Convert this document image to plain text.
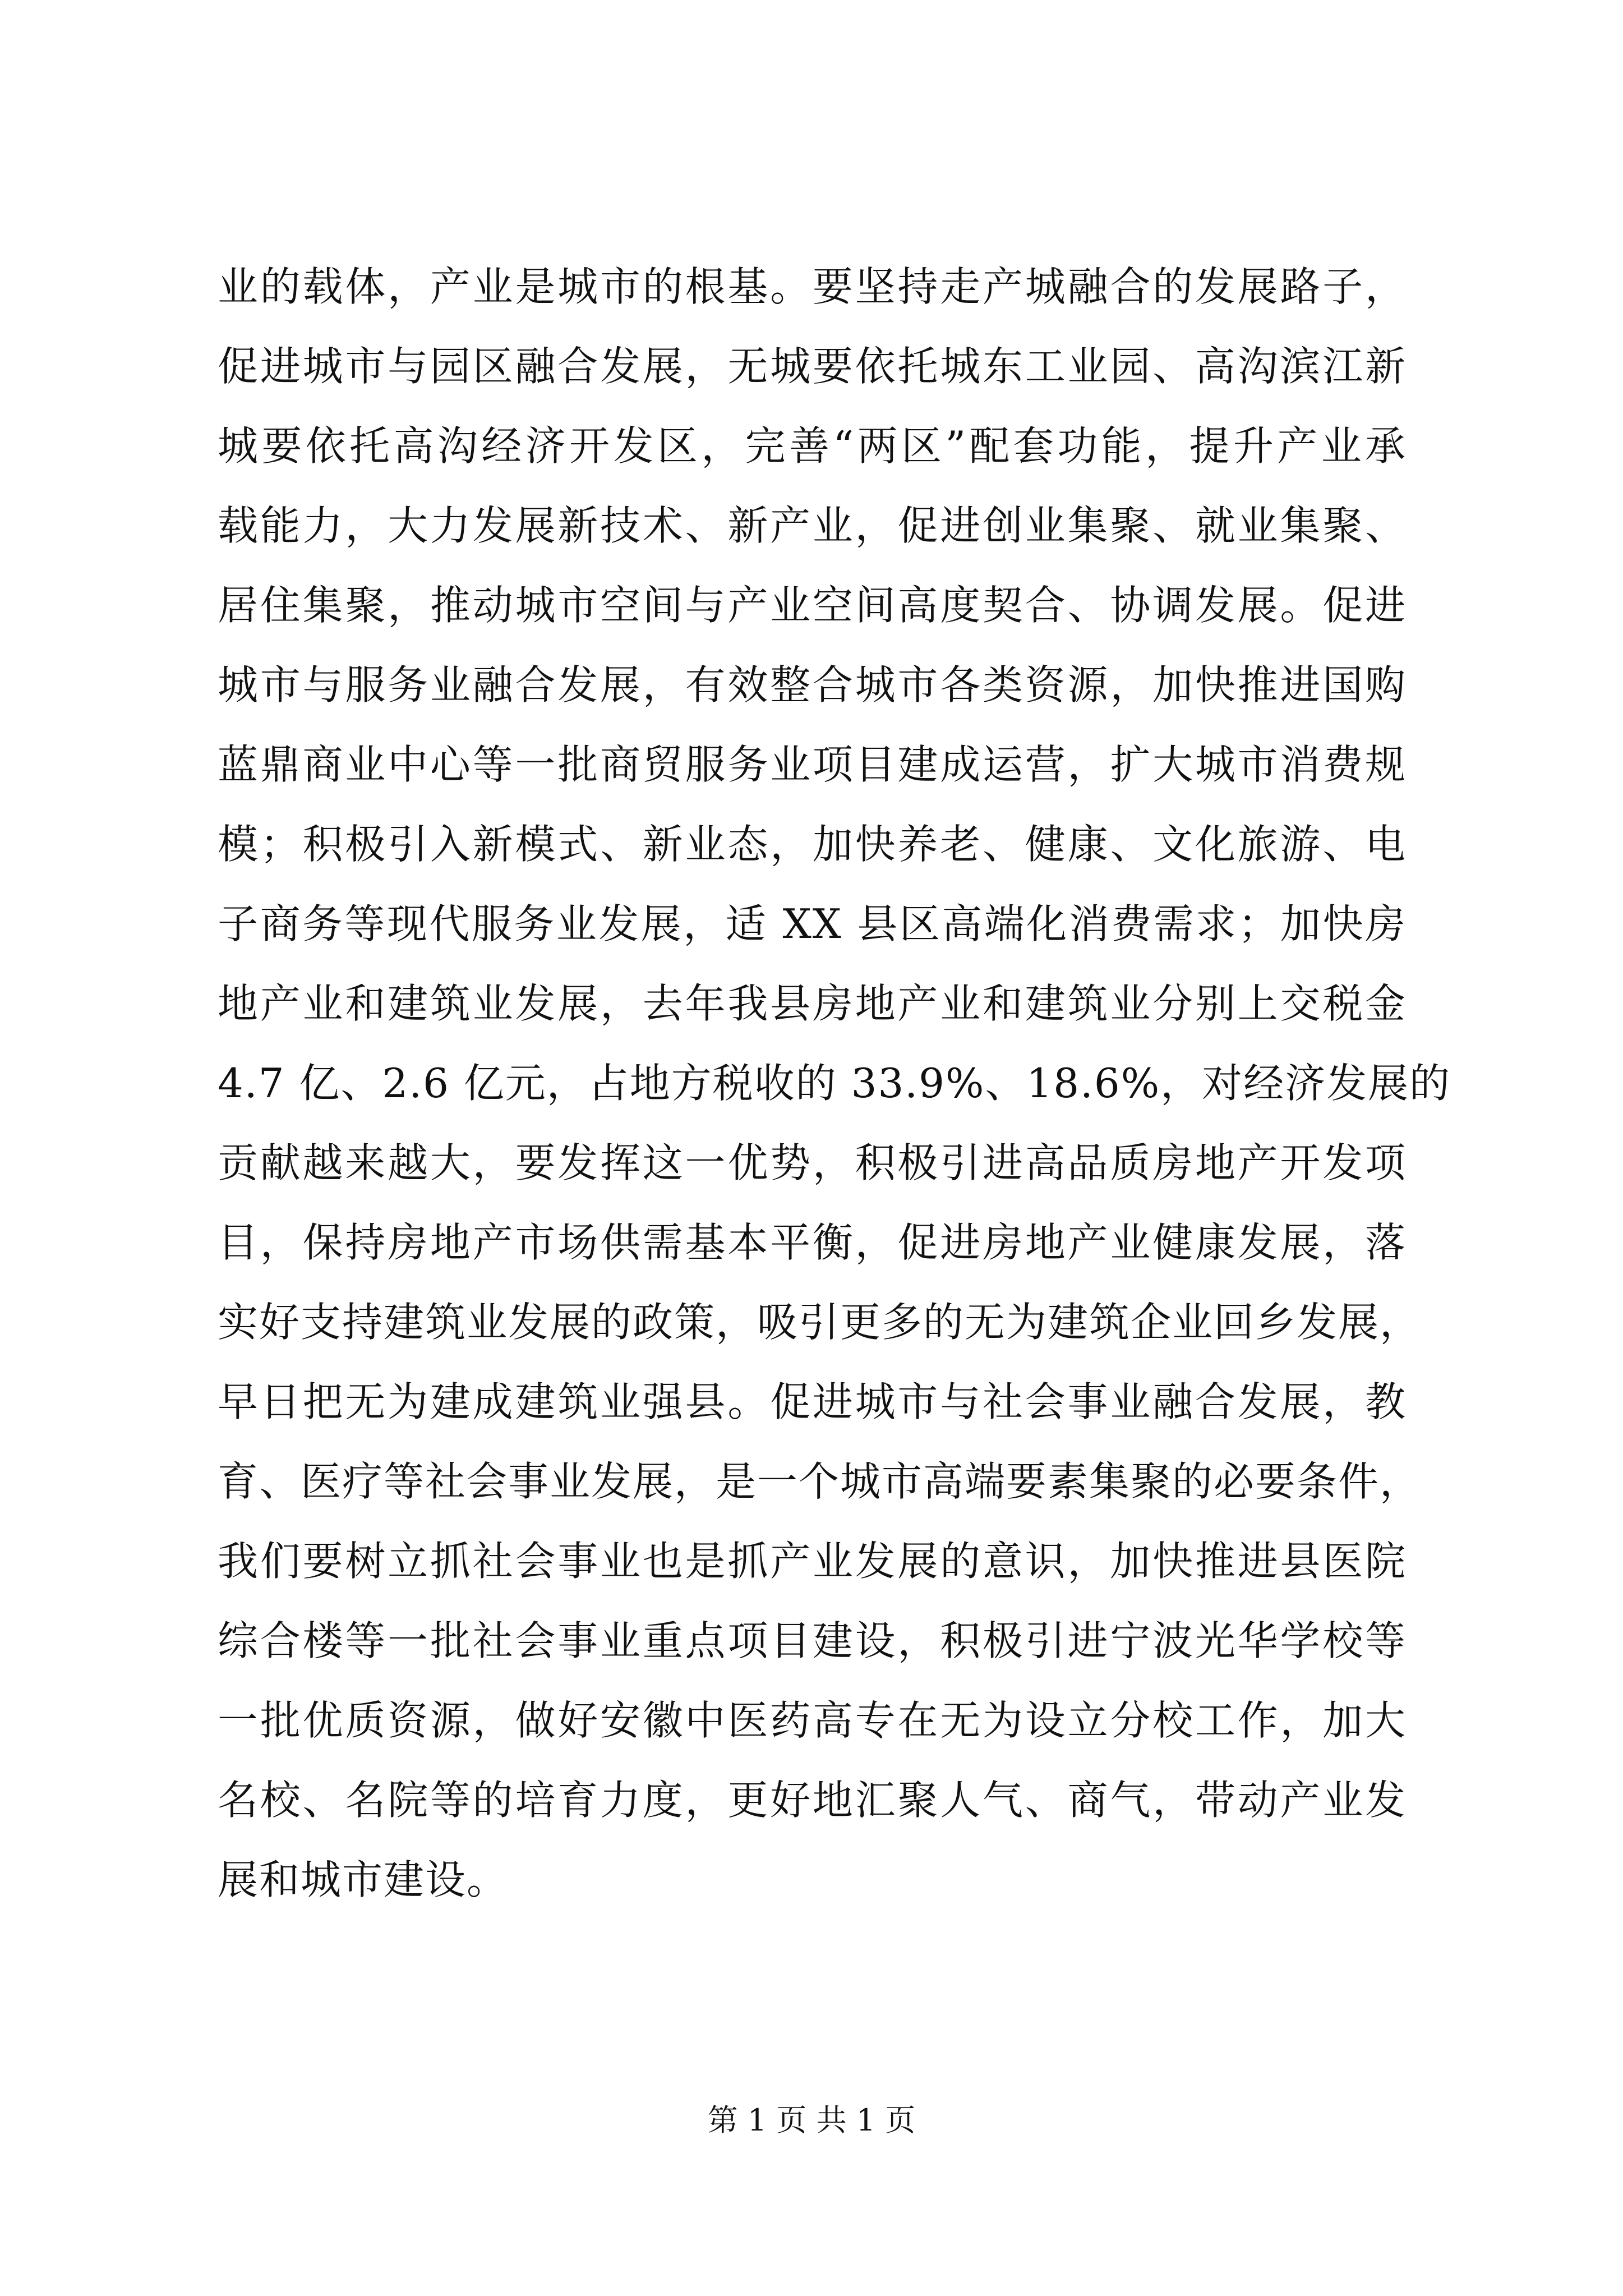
业的载体，产业是城市的根基。要坚持走产城融合的发展路子，
促进城市与园区融合发展，无城要依托城东工业园、高沟滨江新
城要依托高沟经济开发区，完善“两区”配套功能，提升产业承
载能力，大力发展新技术、新产业，促进创业集聚、就业集聚、
居住集聚，推动城市空间与产业空间高度契合、协调发展。促进
城市与服务业融合发展，有效整合城市各类资源，加快推进国购
蓝鼎商业中心等一批商贸服务业项目建成运营，扩大城市消费规
模；积极引入新模式、新业态，加快养老、健康、文化旅游、电
子商务等现代服务业发展，适 XX 县区高端化消费需求；加快房
地产业和建筑业发展，去年我县房地产业和建筑业分别上交税金
4.7 亿、2.6 亿元，占地方税收的 33.9%、18.6%，对经济发展的
贡献越来越大，要发挥这一优势，积极引进高品质房地产开发项
目，保持房地产市场供需基本平衡，促进房地产业健康发展，落
实好支持建筑业发展的政策，吸引更多的无为建筑企业回乡发展，
早日把无为建成建筑业强县。促进城市与社会事业融合发展，教
育、医疗等社会事业发展，是一个城市高端要素集聚的必要条件，
我们要树立抓社会事业也是抓产业发展的意识，加快推进县医院
综合楼等一批社会事业重点项目建设，积极引进宁波光华学校等
一批优质资源，做好安徽中医药高专在无为设立分校工作，加大
名校、名院等的培育力度，更好地汇聚人气、商气，带动产业发
展和城市建设。
第 1 页 共 1 页
